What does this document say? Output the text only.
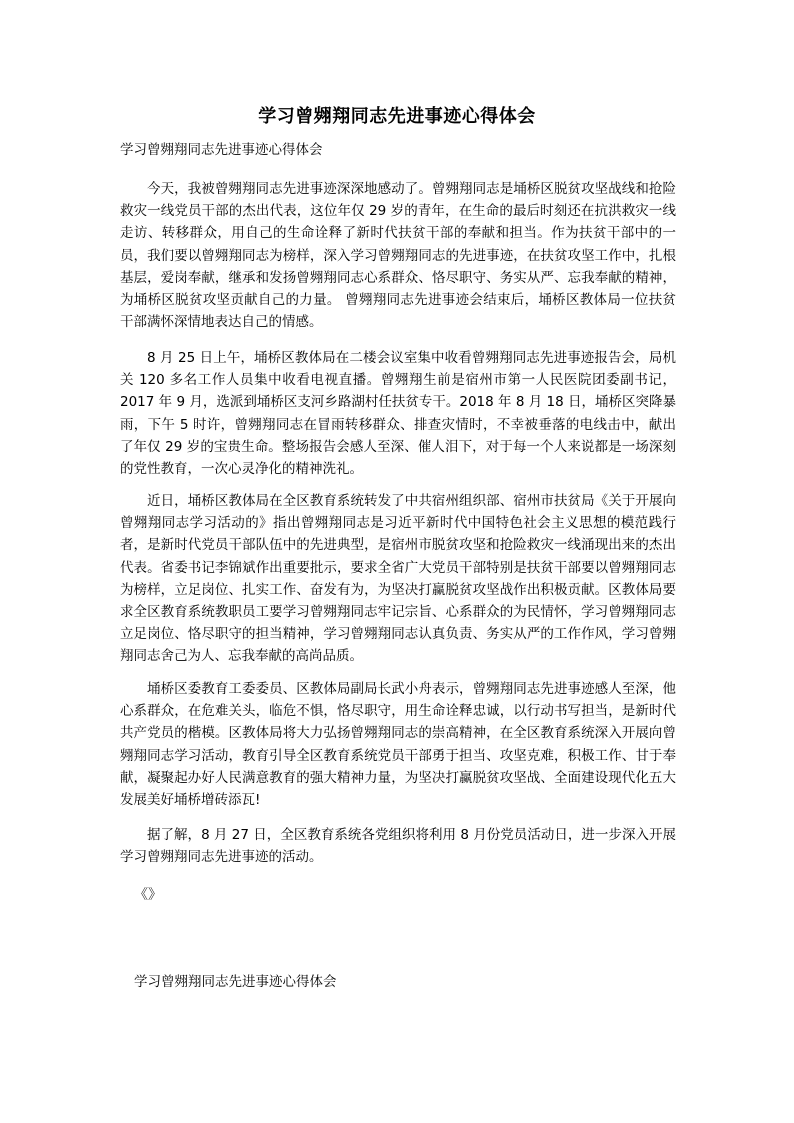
学习曾翙翔同志先进事迹心得体会
学习曾翙翔同志先进事迹心得体会

今天，我被曾翙翔同志先进事迹深深地感动了。曾翙翔同志是埇桥区脱贫攻坚战线和抢险救灾一线党员干部的杰出代表，这位年仅 29 岁的青年，在生命的最后时刻还在抗洪救灾一线走访、转移群众，用自己的生命诠释了新时代扶贫干部的奉献和担当。作为扶贫干部中的一员，我们要以曾翙翔同志为榜样，深入学习曾翙翔同志的先进事迹，在扶贫攻坚工作中，扎根基层，爱岗奉献，继承和发扬曾翙翔同志心系群众、恪尽职守、务实从严、忘我奉献的精神，为埇桥区脱贫攻坚贡献自己的力量。 曾翙翔同志先进事迹会结束后，埇桥区教体局一位扶贫干部满怀深情地表达自己的情感。

8 月 25 日上午，埇桥区教体局在二楼会议室集中收看曾翙翔同志先进事迹报告会，局机关 120 多名工作人员集中收看电视直播。曾翙翔生前是宿州市第一人民医院团委副书记，2017 年 9 月，选派到埇桥区支河乡路湖村任扶贫专干。2018 年 8 月 18 日，埇桥区突降暴雨，下午 5 时许，曾翙翔同志在冒雨转移群众、排查灾情时，不幸被垂落的电线击中，献出了年仅 29 岁的宝贵生命。整场报告会感人至深、催人泪下，对于每一个人来说都是一场深刻的党性教育，一次心灵净化的精神洗礼。

近日，埇桥区教体局在全区教育系统转发了中共宿州组织部、宿州市扶贫局《关于开展向曾翙翔同志学习活动的》指出曾翙翔同志是习近平新时代中国特色社会主义思想的模范践行者，是新时代党员干部队伍中的先进典型，是宿州市脱贫攻坚和抢险救灾一线涌现出来的杰出代表。省委书记李锦斌作出重要批示，要求全省广大党员干部特别是扶贫干部要以曾翙翔同志为榜样，立足岗位、扎实工作、奋发有为，为坚决打赢脱贫攻坚战作出积极贡献。区教体局要求全区教育系统教职员工要学习曾翙翔同志牢记宗旨、心系群众的为民情怀，学习曾翙翔同志立足岗位、恪尽职守的担当精神，学习曾翙翔同志认真负责、务实从严的工作作风，学习曾翙翔同志舍己为人、忘我奉献的高尚品质。

埇桥区委教育工委委员、区教体局副局长武小舟表示，曾翙翔同志先进事迹感人至深，他心系群众，在危难关头，临危不惧，恪尽职守，用生命诠释忠诚，以行动书写担当，是新时代共产党员的楷模。区教体局将大力弘扬曾翙翔同志的崇高精神，在全区教育系统深入开展向曾翙翔同志学习活动，教育引导全区教育系统党员干部勇于担当、攻坚克难，积极工作、甘于奉献，凝聚起办好人民满意教育的强大精神力量，为坚决打赢脱贫攻坚战、全面建设现代化五大发展美好埇桥增砖添瓦!

据了解，8 月 27 日，全区教育系统各党组织将利用 8 月份党员活动日，进一步深入开展学习曾翙翔同志先进事迹的活动。

《》
学习曾翙翔同志先进事迹心得体会
